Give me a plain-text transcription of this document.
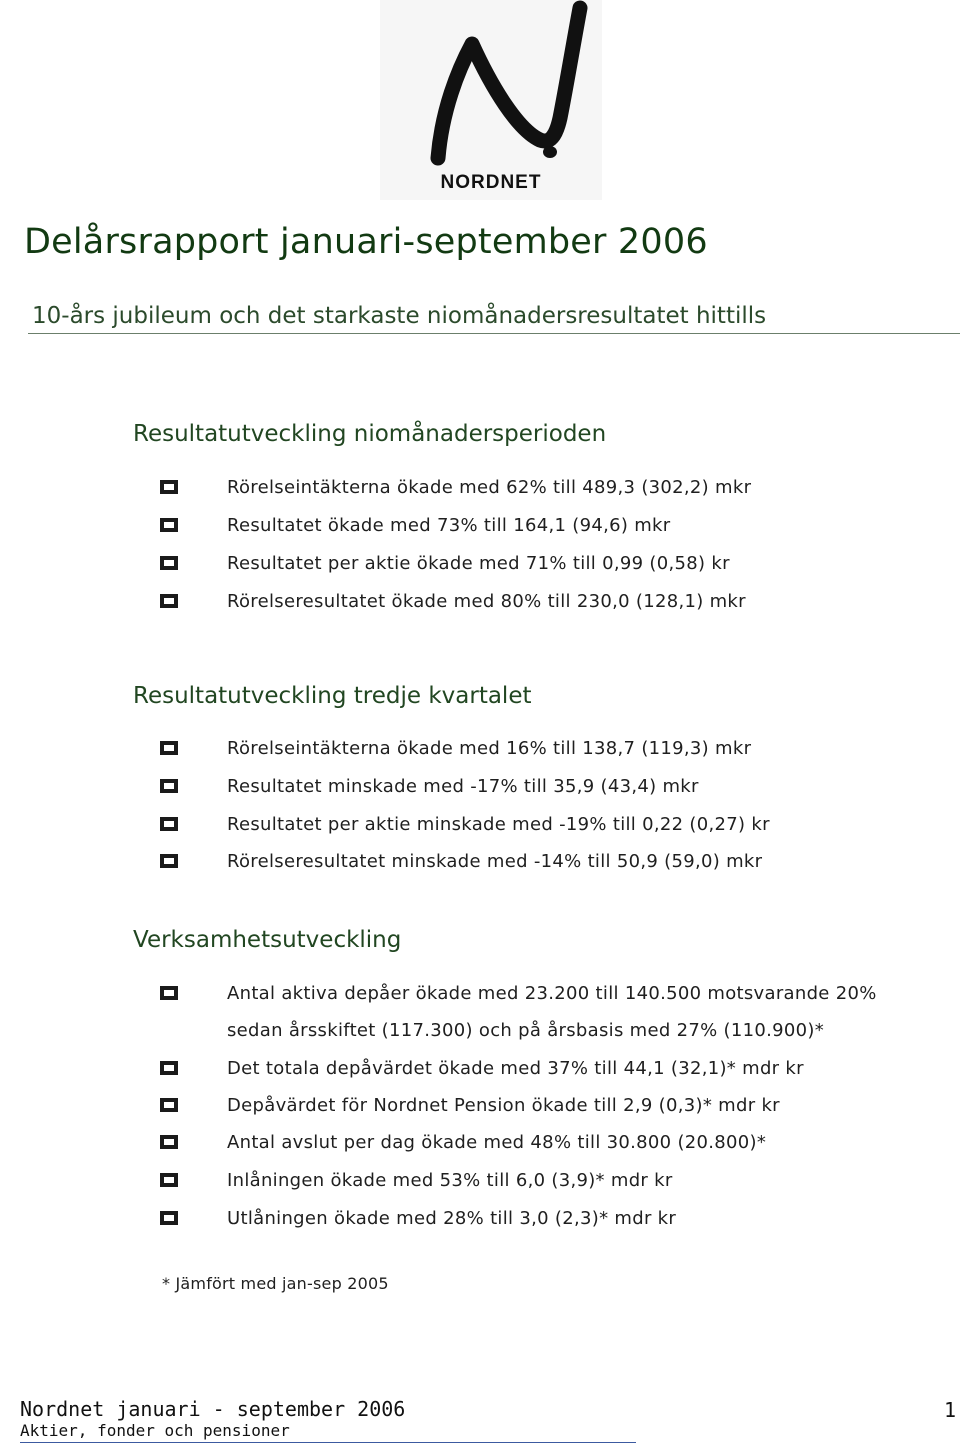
NORDNET
Delårsrapport januari-september 2006
10-års jubileum och det starkaste niomånadersresultatet hittills
Resultatutveckling niomånadersperioden
Rörelseintäkterna ökade med 62% till 489,3 (302,2) mkr
Resultatet ökade med 73% till 164,1 (94,6) mkr
Resultatet per aktie ökade med 71% till 0,99 (0,58) kr
Rörelseresultatet ökade med 80% till 230,0 (128,1) mkr
Resultatutveckling tredje kvartalet
Rörelseintäkterna ökade med 16% till 138,7 (119,3) mkr
Resultatet minskade med -17% till 35,9 (43,4) mkr
Resultatet per aktie minskade med -19% till 0,22 (0,27) kr
Rörelseresultatet minskade med -14% till 50,9 (59,0) mkr
Verksamhetsutveckling
Antal aktiva depåer ökade med 23.200 till 140.500 motsvarande 20%
sedan årsskiftet (117.300) och på årsbasis med 27% (110.900)*
Det totala depåvärdet ökade med 37% till 44,1 (32,1)* mdr kr
Depåvärdet för Nordnet Pension ökade till 2,9 (0,3)* mdr kr
Antal avslut per dag ökade med 48% till 30.800 (20.800)*
Inlåningen ökade med 53% till 6,0 (3,9)* mdr kr
Utlåningen ökade med 28% till 3,0 (2,3)* mdr kr
* Jämfört med jan-sep 2005
Nordnet januari - september 2006
Aktier, fonder och pensioner
1
